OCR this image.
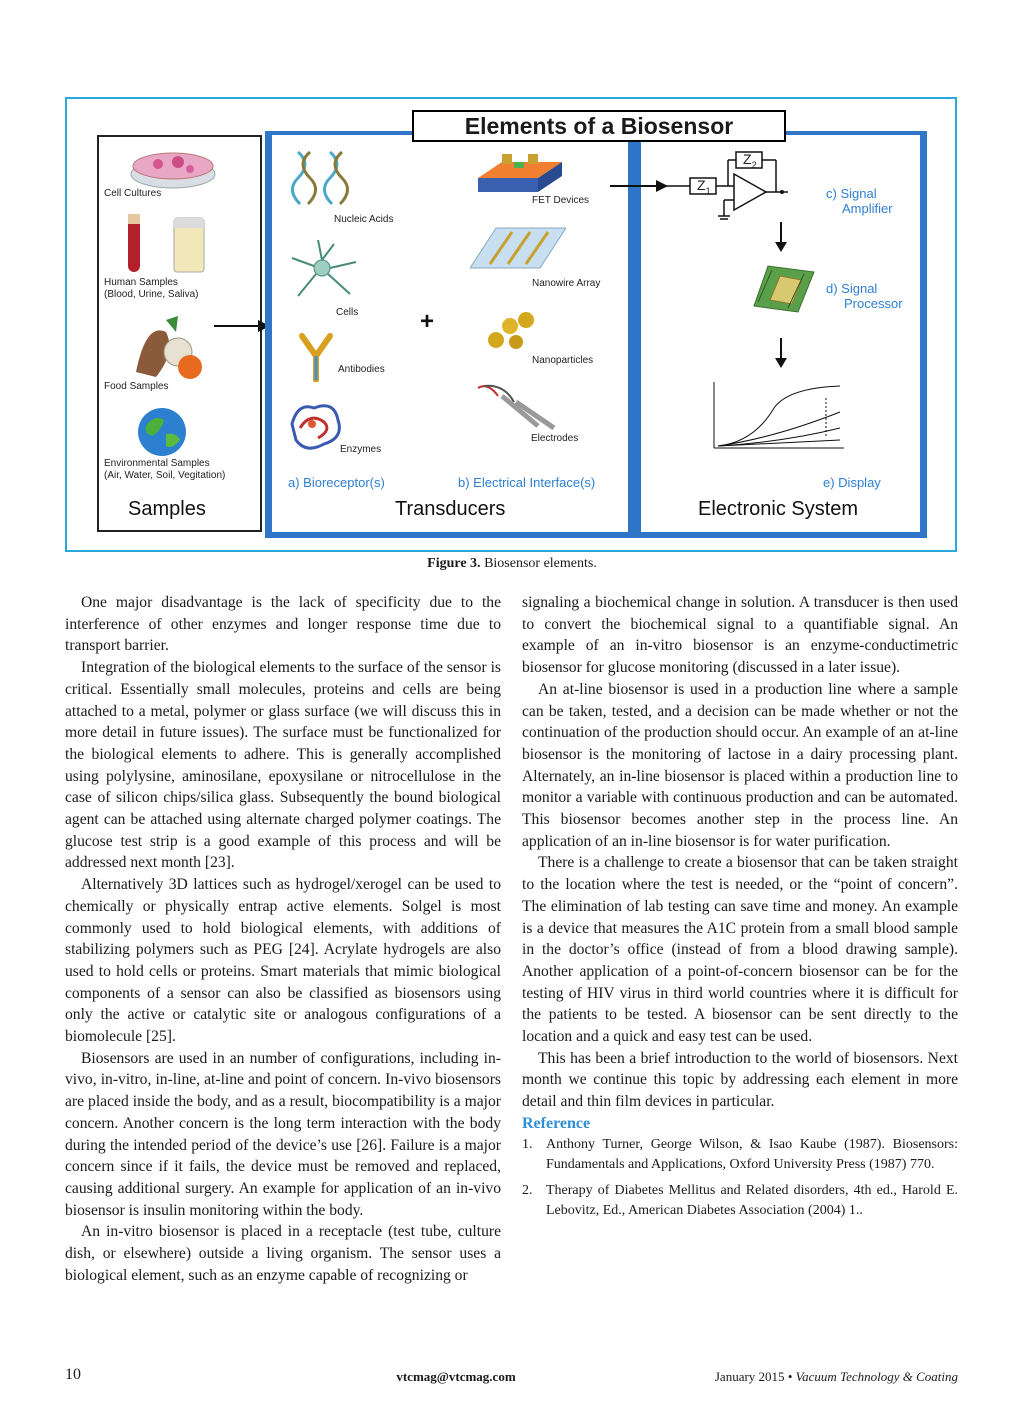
Elements of a Biosensor
Cell Cultures
Human Samples
(Blood, Urine, Saliva)
Food Samples
Environmental Samples
(Air, Water, Soil, Vegitation)
Samples
Nucleic Acids
Cells
Antibodies
Enzymes
a) Bioreceptor(s)
+
FET Devices
Nanowire Array
Nanoparticles
Electrodes
b) Electrical Interface(s)
Transducers
$Z_1$
$Z_2$
c) Signal
Amplifier
d) Signal
Processor
e) Display
Electronic System
Figure 3. Biosensor elements.

One major disadvantage is the lack of specificity due to the interference of other enzymes and longer response time due to transport barrier.

Integration of the biological elements to the surface of the sensor is critical. Essentially small molecules, proteins and cells are being attached to a metal, polymer or glass surface (we will discuss this in more detail in future issues). The surface must be functionalized for the biological elements to adhere. This is generally accomplished using polylysine, aminosilane, epoxysilane or nitrocellulose in the case of silicon chips/silica glass. Subsequently the bound biological agent can be attached using alternate charged polymer coatings. The glucose test strip is a good example of this process and will be addressed next month [23].

Alternatively 3D lattices such as hydrogel/xerogel can be used to chemically or physically entrap active elements. Solgel is most commonly used to hold biological elements, with additions of stabilizing polymers such as PEG [24]. Acrylate hydrogels are also used to hold cells or proteins. Smart materials that mimic biological components of a sensor can also be classified as biosensors using only the active or catalytic site or analogous configurations of a biomolecule [25].

Biosensors are used in an number of configurations, including in-vivo, in-vitro, in-line, at-line and point of concern. In-vivo biosensors are placed inside the body, and as a result, biocompatibility is a major concern. Another concern is the long term interaction with the body during the intended period of the device’s use [26]. Failure is a major concern since if it fails, the device must be removed and replaced, causing additional surgery. An example for application of an in-vivo biosensor is insulin monitoring within the body.

An in-vitro biosensor is placed in a receptacle (test tube, culture dish, or elsewhere) outside a living organism. The sensor uses a biological element, such as an enzyme capable of recognizing or

signaling a biochemical change in solution. A transducer is then used to convert the biochemical signal to a quantifiable signal. An example of an in-vitro biosensor is an enzyme-conductimetric biosensor for glucose monitoring (discussed in a later issue).

An at-line biosensor is used in a production line where a sample can be taken, tested, and a decision can be made whether or not the continuation of the production should occur. An example of an at-line biosensor is the monitoring of lactose in a dairy processing plant. Alternately, an in-line biosensor is placed within a production line to monitor a variable with continuous production and can be automated. This biosensor becomes another step in the process line. An application of an in-line biosensor is for water purification.

There is a challenge to create a biosensor that can be taken straight to the location where the test is needed, or the “point of concern”. The elimination of lab testing can save time and money. An example is a device that measures the A1C protein from a small blood sample in the doctor’s office (instead of from a blood drawing sample). Another application of a point-of-concern biosensor can be for the testing of HIV virus in third world countries where it is difficult for the patients to be tested. A biosensor can be sent directly to the location and a quick and easy test can be used.

This has been a brief introduction to the world of biosensors. Next month we continue this topic by addressing each element in more detail and thin film devices in particular.

Reference

1. Anthony Turner, George Wilson, & Isao Kaube (1987). Biosensors: Fundamentals and Applications, Oxford University Press (1987) 770.
2. Therapy of Diabetes Mellitus and Related disorders, 4th ed., Harold E. Lebovitz, Ed., American Diabetes Association (2004) 1..
10	vtcmag@vtcmag.com	January 2015 • Vacuum Technology & Coating
